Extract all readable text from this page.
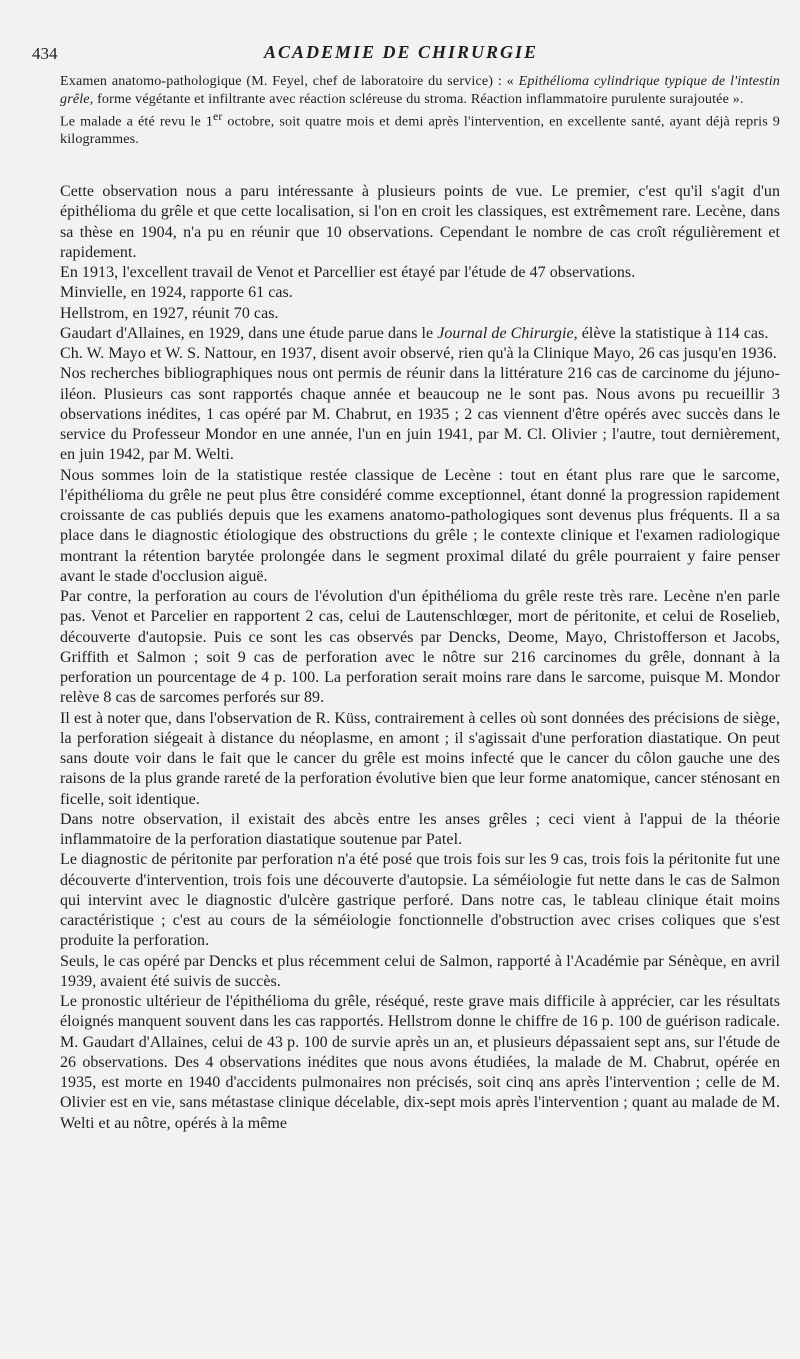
434	ACADEMIE DE CHIRURGIE

Examen anatomo-pathologique (M. Feyel, chef de laboratoire du service) : « Epithélioma cylindrique typique de l'intestin grêle, forme végétante et infiltrante avec réaction scléreuse du stroma. Réaction inflammatoire purulente surajoutée ».

Le malade a été revu le 1er octobre, soit quatre mois et demi après l'intervention, en excellente santé, ayant déjà repris 9 kilogrammes.

Cette observation nous a paru intéressante à plusieurs points de vue. Le premier, c'est qu'il s'agit d'un épithélioma du grêle et que cette localisation, si l'on en croit les classiques, est extrêmement rare. Lecène, dans sa thèse en 1904, n'a pu en réunir que 10 observations. Cependant le nombre de cas croît régulièrement et rapidement.

En 1913, l'excellent travail de Venot et Parcellier est étayé par l'étude de 47 observations.

Minvielle, en 1924, rapporte 61 cas.

Hellstrom, en 1927, réunit 70 cas.

Gaudart d'Allaines, en 1929, dans une étude parue dans le Journal de Chirurgie, élève la statistique à 114 cas.

Ch. W. Mayo et W. S. Nattour, en 1937, disent avoir observé, rien qu'à la Clinique Mayo, 26 cas jusqu'en 1936.

Nos recherches bibliographiques nous ont permis de réunir dans la littérature 216 cas de carcinome du jéjuno-iléon. Plusieurs cas sont rapportés chaque année et beaucoup ne le sont pas. Nous avons pu recueillir 3 observations inédites, 1 cas opéré par M. Chabrut, en 1935 ; 2 cas viennent d'être opérés avec succès dans le service du Professeur Mondor en une année, l'un en juin 1941, par M. Cl. Olivier ; l'autre, tout dernièrement, en juin 1942, par M. Welti.

Nous sommes loin de la statistique restée classique de Lecène : tout en étant plus rare que le sarcome, l'épithélioma du grêle ne peut plus être considéré comme exceptionnel, étant donné la progression rapidement croissante de cas publiés depuis que les examens anatomo-pathologiques sont devenus plus fréquents. Il a sa place dans le diagnostic étiologique des obstructions du grêle ; le contexte clinique et l'examen radiologique montrant la rétention barytée prolongée dans le segment proximal dilaté du grêle pourraient y faire penser avant le stade d'occlusion aiguë.

Par contre, la perforation au cours de l'évolution d'un épithélioma du grêle reste très rare. Lecène n'en parle pas. Venot et Parcelier en rapportent 2 cas, celui de Lautenschlœger, mort de péritonite, et celui de Roselieb, découverte d'autopsie. Puis ce sont les cas observés par Dencks, Deome, Mayo, Christofferson et Jacobs, Griffith et Salmon ; soit 9 cas de perforation avec le nôtre sur 216 carcinomes du grêle, donnant à la perforation un pourcentage de 4 p. 100. La perforation serait moins rare dans le sarcome, puisque M. Mondor relève 8 cas de sarcomes perforés sur 89.

Il est à noter que, dans l'observation de R. Küss, contrairement à celles où sont données des précisions de siège, la perforation siégeait à distance du néoplasme, en amont ; il s'agissait d'une perforation diastatique. On peut sans doute voir dans le fait que le cancer du grêle est moins infecté que le cancer du côlon gauche une des raisons de la plus grande rareté de la perforation évolutive bien que leur forme anatomique, cancer sténosant en ficelle, soit identique.

Dans notre observation, il existait des abcès entre les anses grêles ; ceci vient à l'appui de la théorie inflammatoire de la perforation diastatique soutenue par Patel.

Le diagnostic de péritonite par perforation n'a été posé que trois fois sur les 9 cas, trois fois la péritonite fut une découverte d'intervention, trois fois une découverte d'autopsie. La séméiologie fut nette dans le cas de Salmon qui intervint avec le diagnostic d'ulcère gastrique perforé. Dans notre cas, le tableau clinique était moins caractéristique ; c'est au cours de la séméiologie fonctionnelle d'obstruction avec crises coliques que s'est produite la perforation.

Seuls, le cas opéré par Dencks et plus récemment celui de Salmon, rapporté à l'Académie par Sénèque, en avril 1939, avaient été suivis de succès.

Le pronostic ultérieur de l'épithélioma du grêle, réséqué, reste grave mais difficile à apprécier, car les résultats éloignés manquent souvent dans les cas rapportés. Hellstrom donne le chiffre de 16 p. 100 de guérison radicale. M. Gaudart d'Allaines, celui de 43 p. 100 de survie après un an, et plusieurs dépassaient sept ans, sur l'étude de 26 observations. Des 4 observations inédites que nous avons étudiées, la malade de M. Chabrut, opérée en 1935, est morte en 1940 d'accidents pulmonaires non précisés, soit cinq ans après l'intervention ; celle de M. Olivier est en vie, sans métastase clinique décelable, dix-sept mois après l'intervention ; quant au malade de M. Welti et au nôtre, opérés à la même
